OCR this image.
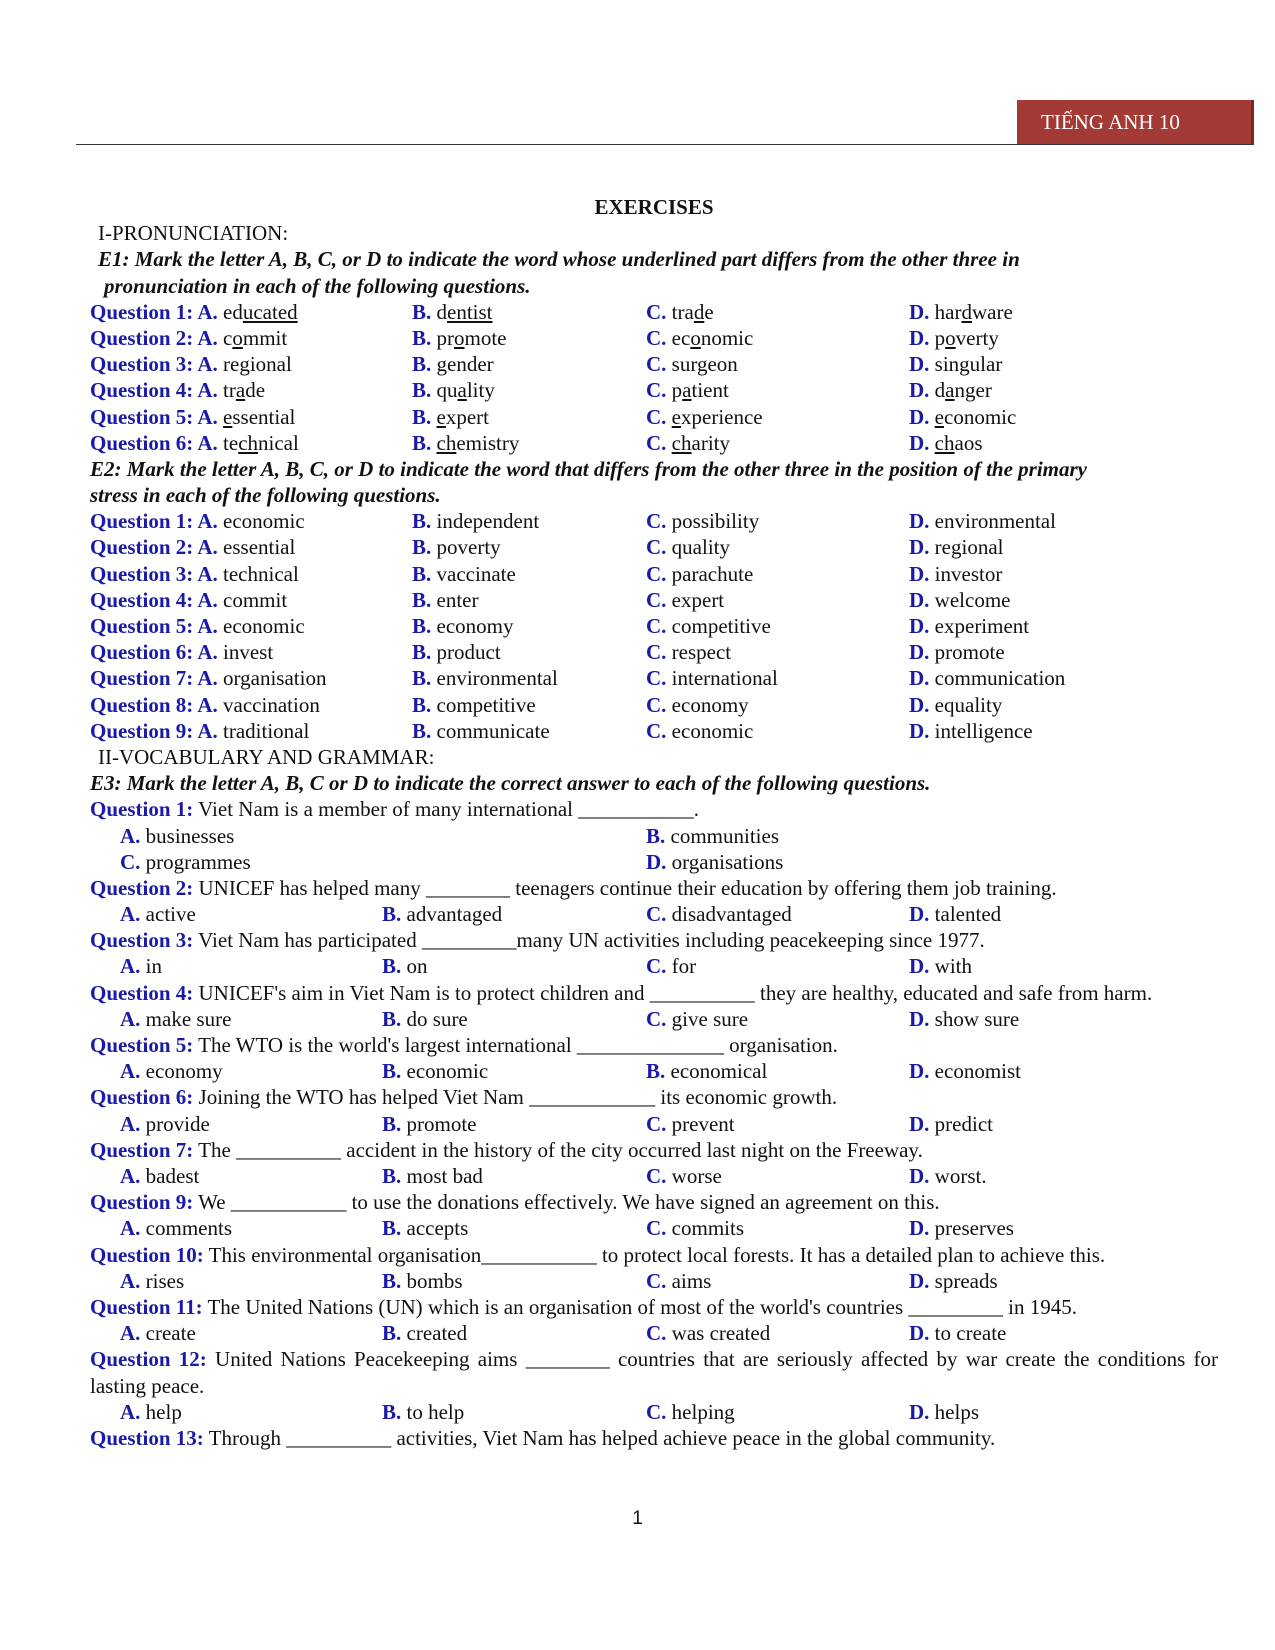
TIẾNG ANH 10
EXERCISES
I-PRONUNCIATION:
E1: Mark the letter A, B, C, or D to indicate the word whose underlined part differs from the other three in
pronunciation in each of the following questions.
Question 1: A. educated	B. dentist	C. trade	D. hardware
Question 2: A. commit	B. promote	C. economic	D. poverty
Question 3: A. regional	B. gender	C. surgeon	D. singular
Question 4: A. trade	B. quality	C. patient	D. danger
Question 5: A. essential	B. expert	C. experience	D. economic
Question 6: A. technical	B. chemistry	C. charity	D. chaos
E2: Mark the letter A, B, C, or D to indicate the word that differs from the other three in the position of the primary
stress in each of the following questions.
Question 1: A. economic	B. independent	C. possibility	D. environmental
Question 2: A. essential	B. poverty	C. quality	D. regional
Question 3: A. technical	B. vaccinate	C. parachute	D. investor
Question 4: A. commit	B. enter	C. expert	D. welcome
Question 5: A. economic	B. economy	C. competitive	D. experiment
Question 6: A. invest	B. product	C. respect	D. promote
Question 7: A. organisation	B. environmental	C. international	D. communication
Question 8: A. vaccination	B. competitive	C. economy	D. equality
Question 9: A. traditional	B. communicate	C. economic	D. intelligence
II-VOCABULARY AND GRAMMAR:
E3: Mark the letter A, B, C or D to indicate the correct answer to each of the following questions.
Question 1: Viet Nam is a member of many international ___________.
A. businesses	B. communities
C. programmes	D. organisations
Question 2: UNICEF has helped many ________ teenagers continue their education by offering them job training.
A. active	B. advantaged	C. disadvantaged	D. talented
Question 3: Viet Nam has participated _________many UN activities including peacekeeping since 1977.
A. in	B. on	C. for	D. with
Question 4: UNICEF's aim in Viet Nam is to protect children and __________ they are healthy, educated and safe from harm.
A. make sure	B. do sure	C. give sure	D. show sure
Question 5: The WTO is the world's largest international ______________ organisation.
A. economy	B. economic	B. economical	D. economist
Question 6: Joining the WTO has helped Viet Nam ____________ its economic growth.
A. provide	B. promote	C. prevent	D. predict
Question 7: The __________ accident in the history of the city occurred last night on the Freeway.
A. badest	B. most bad	C. worse	D. worst.
Question 9: We ___________ to use the donations effectively. We have signed an agreement on this.
A. comments	B. accepts	C. commits	D. preserves
Question 10: This environmental organisation___________ to protect local forests. It has a detailed plan to achieve this.
A. rises	B. bombs	C. aims	D. spreads
Question 11: The United Nations (UN) which is an organisation of most of the world's countries _________ in 1945.
A. create	B. created	C. was created	D. to create
Question 12: United Nations Peacekeeping aims ________ countries that are seriously affected by war create the conditions for lasting peace.
A. help	B. to help	C. helping	D. helps
Question 13: Through __________ activities, Viet Nam has helped achieve peace in the global community.
1
